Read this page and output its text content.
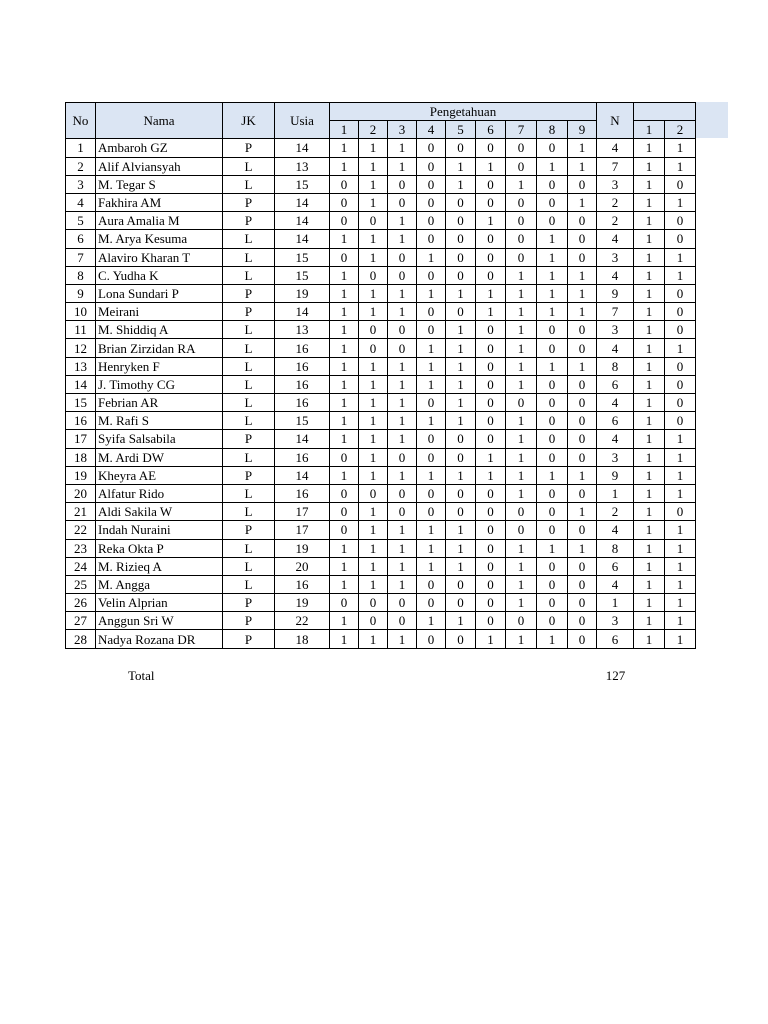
No	Nama	JK	Usia	Pengetahuan									N		
				1	2	3	4	5	6	7	8	9		1	2
1	Ambaroh GZ	P	14	1	1	1	0	0	0	0	0	1	4	1	1
2	Alif Alviansyah	L	13	1	1	1	0	1	1	0	1	1	7	1	1
3	M. Tegar S	L	15	0	1	0	0	1	0	1	0	0	3	1	0
4	Fakhira AM	P	14	0	1	0	0	0	0	0	0	1	2	1	1
5	Aura Amalia M	P	14	0	0	1	0	0	1	0	0	0	2	1	0
6	M. Arya Kesuma	L	14	1	1	1	0	0	0	0	1	0	4	1	0
7	Alaviro Kharan T	L	15	0	1	0	1	0	0	0	1	0	3	1	1
8	C. Yudha K	L	15	1	0	0	0	0	0	1	1	1	4	1	1
9	Lona Sundari P	P	19	1	1	1	1	1	1	1	1	1	9	1	0
10	Meirani	P	14	1	1	1	0	0	1	1	1	1	7	1	0
11	M. Shiddiq A	L	13	1	0	0	0	1	0	1	0	0	3	1	0
12	Brian Zirzidan RA	L	16	1	0	0	1	1	0	1	0	0	4	1	1
13	Henryken F	L	16	1	1	1	1	1	0	1	1	1	8	1	0
14	J. Timothy CG	L	16	1	1	1	1	1	0	1	0	0	6	1	0
15	Febrian AR	L	16	1	1	1	0	1	0	0	0	0	4	1	0
16	M. Rafi S	L	15	1	1	1	1	1	0	1	0	0	6	1	0
17	Syifa Salsabila	P	14	1	1	1	0	0	0	1	0	0	4	1	1
18	M. Ardi DW	L	16	0	1	0	0	0	1	1	0	0	3	1	1
19	Kheyra AE	P	14	1	1	1	1	1	1	1	1	1	9	1	1
20	Alfatur Rido	L	16	0	0	0	0	0	0	1	0	0	1	1	1
21	Aldi Sakila W	L	17	0	1	0	0	0	0	0	0	1	2	1	0
22	Indah Nuraini	P	17	0	1	1	1	1	0	0	0	0	4	1	1
23	Reka Okta P	L	19	1	1	1	1	1	0	1	1	1	8	1	1
24	M. Rizieq A	L	20	1	1	1	1	1	0	1	0	0	6	1	1
25	M. Angga	L	16	1	1	1	0	0	0	1	0	0	4	1	1
26	Velin Alprian	P	19	0	0	0	0	0	0	1	0	0	1	1	1
27	Anggun Sri W	P	22	1	0	0	1	1	0	0	0	0	3	1	1
28	Nadya Rozana DR	P	18	1	1	1	0	0	1	1	1	0	6	1	1
Total	127
